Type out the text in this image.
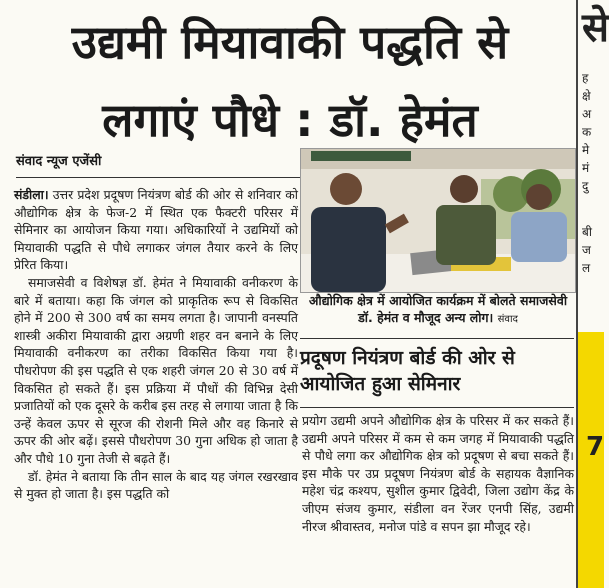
उद्यमी मियावाकी पद्धति से
लगाएं पौधे : डॉ. हेमंत
संवाद न्यूज एजेंसी

संडीला। उत्तर प्रदेश प्रदूषण नियंत्रण बोर्ड की ओर से शनिवार को औद्योगिक क्षेत्र के फेज-2 में स्थित एक फैक्टरी परिसर में सेमिनार का आयोजन किया गया। अधिकारियों ने उद्यमियों को मियावाकी पद्धति से पौधे लगाकर जंगल तैयार करने के लिए प्रेरित किया।

समाजसेवी व विशेषज्ञ डॉ. हेमंत ने मियावाकी वनीकरण के बारे में बताया। कहा कि जंगल को प्राकृतिक रूप से विकसित होने में 200 से 300 वर्ष का समय लगता है। जापानी वनस्पति शास्त्री अकीरा मियावाकी द्वारा अग्रणी शहर वन बनाने के लिए मियावाकी वनीकरण का तरीका विकसित किया गया है। पौधरोपण की इस पद्धति से एक शहरी जंगल 20 से 30 वर्ष में विकसित हो सकते हैं। इस प्रक्रिया में पौधों की विभिन्न देसी प्रजातियों को एक दूसरे के करीब इस तरह से लगाया जाता है कि उन्हें केवल ऊपर से सूरज की रोशनी मिले और वह किनारे से ऊपर की ओर बढ़ें। इससे पौधरोपण 30 गुना अधिक हो जाता है और पौधे 10 गुना तेजी से बढ़ते हैं।

डॉ. हेमंत ने बताया कि तीन साल के बाद यह जंगल रखरखाव से मुक्त हो जाता है। इस पद्धति को

औद्योगिक क्षेत्र में आयोजित कार्यक्रम में बोलते समाजसेवी डॉ. हेमंत व मौजूद अन्य लोग। संवाद
प्रदूषण नियंत्रण बोर्ड की ओर से आयोजित हुआ सेमिनार

प्रयोग उद्यमी अपने औद्योगिक क्षेत्र के परिसर में कर सकते हैं। उद्यमी अपने परिसर में कम से कम जगह में मियावाकी पद्धति से पौधे लगा कर औद्योगिक क्षेत्र को प्रदूषण से बचा सकते हैं। इस मौके पर उप्र प्रदूषण नियंत्रण बोर्ड के सहायक वैज्ञानिक महेश चंद्र कश्यप, सुशील कुमार द्विवेदी, जिला उद्योग केंद्र के जीएम संजय कुमार, संडीला वन रेंजर एनपी सिंह, उद्यमी नीरज श्रीवास्तव, मनोज पांडे व सपन झा मौजूद रहे।

से
ह
क्षे
अ
क
मे
मं
दु
बी
ज
ल
7
